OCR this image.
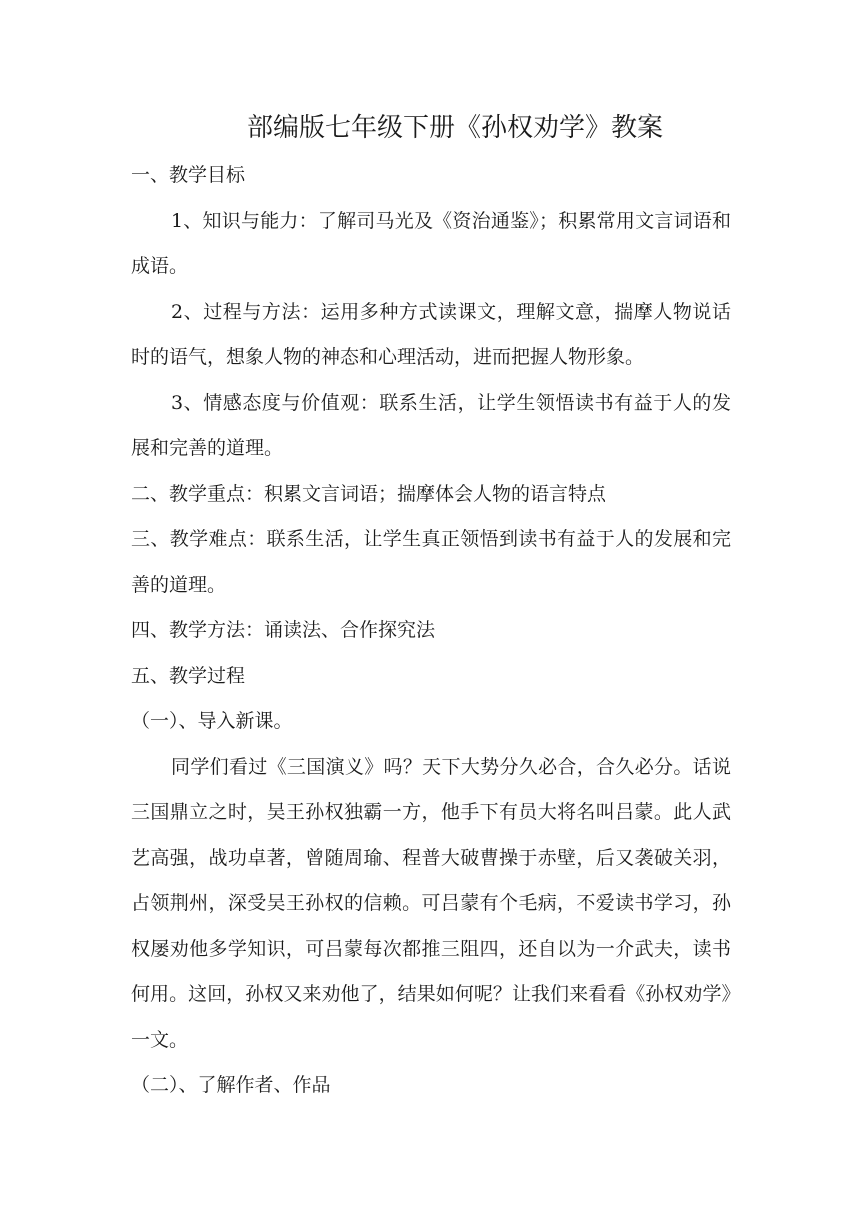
部编版七年级下册《孙权劝学》教案

一、教学目标

1、知识与能力：了解司马光及《资治通鉴》；积累常用文言词语和成语。

2、过程与方法：运用多种方式读课文，理解文意，揣摩人物说话时的语气，想象人物的神态和心理活动，进而把握人物形象。

3、情感态度与价值观：联系生活，让学生领悟读书有益于人的发展和完善的道理。

二、教学重点：积累文言词语；揣摩体会人物的语言特点

三、教学难点：联系生活，让学生真正领悟到读书有益于人的发展和完善的道理。

四、教学方法：诵读法、合作探究法

五、教学过程

（一）、导入新课。

同学们看过《三国演义》吗？天下大势分久必合，合久必分。话说三国鼎立之时，吴王孙权独霸一方，他手下有员大将名叫吕蒙。此人武艺高强，战功卓著，曾随周瑜、程普大破曹操于赤壁，后又袭破关羽，占领荆州，深受吴王孙权的信赖。可吕蒙有个毛病，不爱读书学习，孙权屡劝他多学知识，可吕蒙每次都推三阻四，还自以为一介武夫，读书何用。这回，孙权又来劝他了，结果如何呢？让我们来看看《孙权劝学》一文。

（二）、了解作者、作品
